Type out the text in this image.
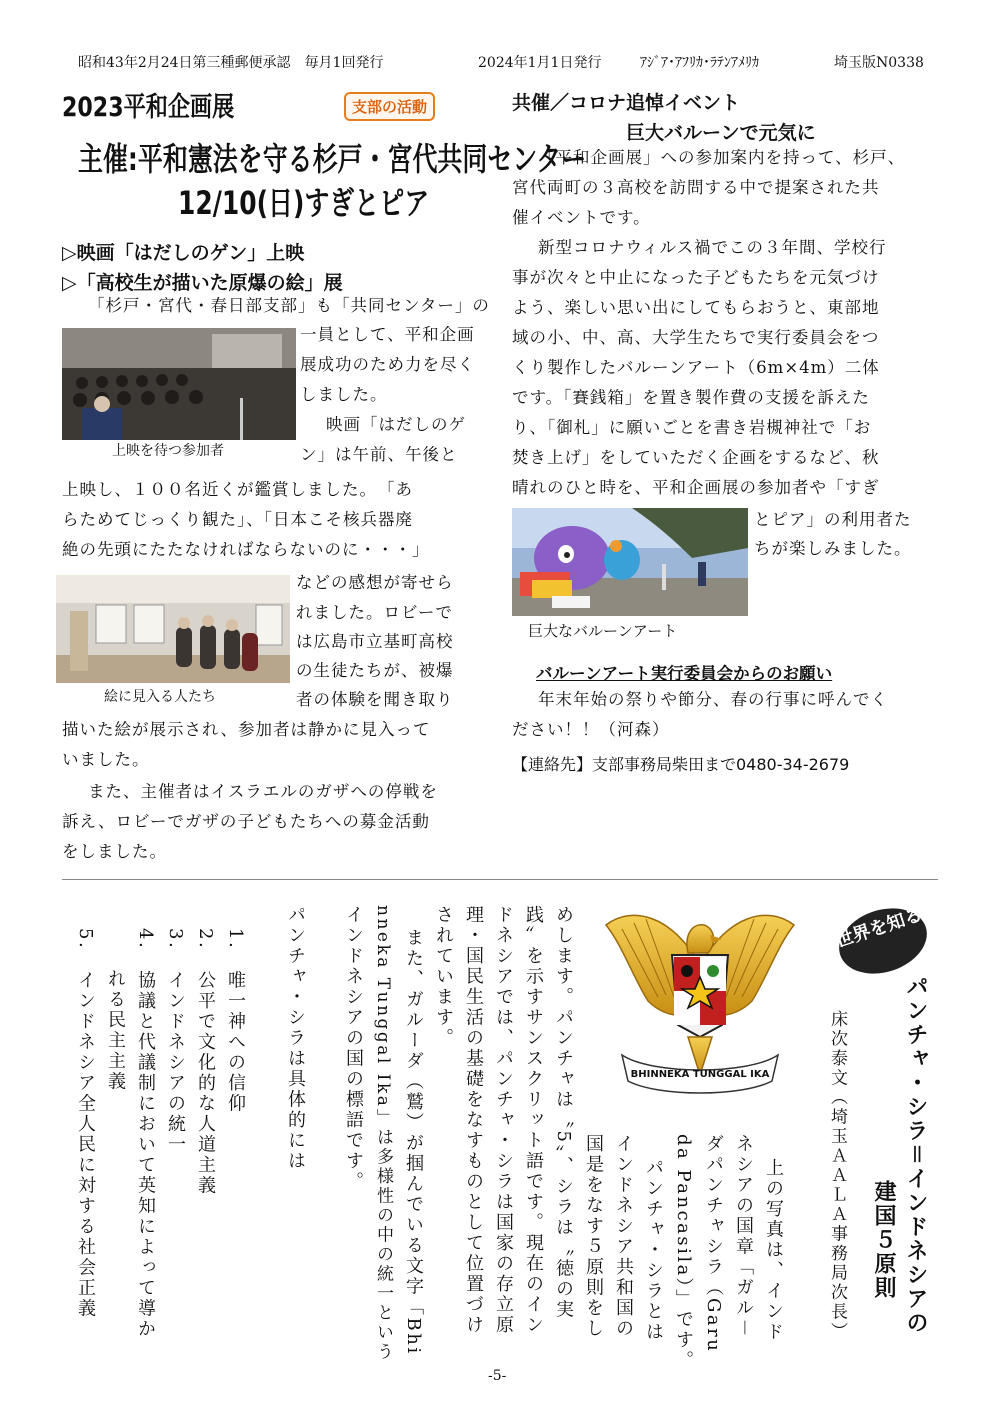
昭和43年2月24日第三種郵便承認　毎月1回発行	2024年1月1日発行	ｱｼﾞｱ･ｱﾌﾘｶ･ﾗﾃﾝｱﾒﾘｶ	埼玉版N0338
2023平和企画展	支部の活動
主催:平和憲法を守る杉戸・宮代共同センター
12/10(日)すぎとピア
▷映画「はだしのゲン」上映
▷「高校生が描いた原爆の絵」展
「杉戸・宮代・春日部支部」も「共同センター」の
上映を待つ参加者
一員として、平和企画
展成功のため力を尽く
しました。
映画「はだしのゲ
ン」は午前、午後と
上映し、１００名近くが鑑賞しました。　「あ
らためてじっくり観た」、「日本こそ核兵器廃
絶の先頭にたたなければならないのに・・・」
絵に見入る人たち
などの感想が寄せら
れました。ロビーで
は広島市立基町高校
の生徒たちが、被爆
者の体験を聞き取り
描いた絵が展示され、参加者は静かに見入って
いました。
また、主催者はイスラエルのガザへの停戦を
訴え、ロビーでガザの子どもたちへの募金活動
をしました。
共催／コロナ追悼イベント
巨大バルーンで元気に
「平和企画展」への参加案内を持って、杉戸、
宮代両町の３高校を訪問する中で提案された共
催イベントです。
新型コロナウィルス禍でこの３年間、学校行
事が次々と中止になった子どもたちを元気づけ
よう、楽しい思い出にしてもらおうと、東部地
域の小、中、高、大学生たちで実行委員会をつ
くり製作したバルーンアート（6m×4m）二体
です。「賽銭箱」を置き製作費の支援を訴えた
り、「御札」に願いごとを書き岩槻神社で「お
焚き上げ」をしていただく企画をするなど、秋
晴れのひと時を、平和企画展の参加者や「すぎ
とピア」の利用者た
ちが楽しみました。
巨大なバルーンアート
バルーンアート実行委員会からのお願い
年末年始の祭りや節分、春の行事に呼んでく
ださい！！（河森）
【連絡先】支部事務局柴田まで0480-34-2679
世界を知る
パンチャ・シラ＝インドネシアの
建国５原則
床次泰文（埼玉ＡＡＬＡ事務局次長）
BHINNEKA TUNGGAL IKA
上の写真は、インド
ネシアの国章「ガル－
ダパンチャシラ（Garu
da Pancasila）」です。
パンチャ・シラとは
インドネシア共和国の
国是をなす５原則をし
めします。パンチャは〝5〟、シラは〝徳の実
践〟を示すサンスクリット語です。現在のイン
ドネシアでは、パンチャ・シラは国家の存立原
理・国民生活の基礎をなすものとして位置づけ
されています。
また、ガルーダ（鷲）が掴んでいる文字「Bhi
nneka Tunggal Ika」は多様性の中の統一という
インドネシアの国の標語です。
パンチャ・シラは具体的には
1.　唯一神への信仰
2.　公平で文化的な人道主義
3.　インドネシアの統一
4.　協議と代議制において英知によって導か
　　れる民主主義
5.　インドネシア全人民に対する社会正義
-5-
